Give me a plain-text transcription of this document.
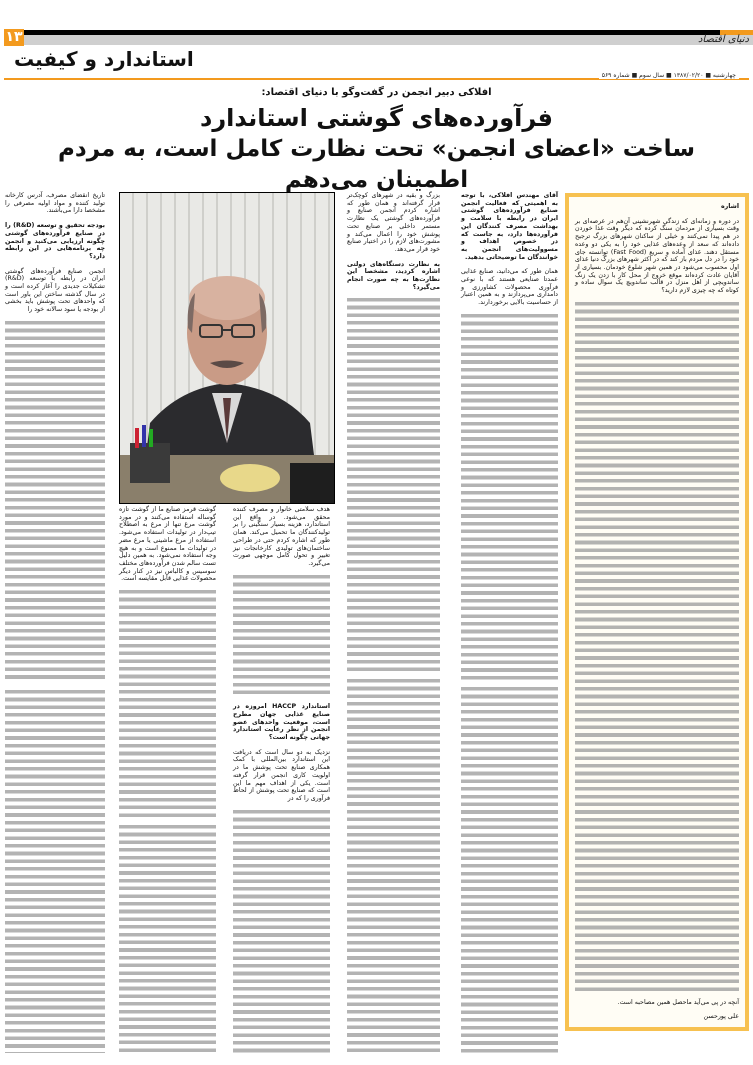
۱۳	دنیای اقتصاد
استاندارد و کیفیت
چهارشنبه ■ ۱۳۸۷/۰۲/۲۰ ■ سال سوم ■ شماره ۵۶۹
افلاکی دبیر انجمن در گفت‌وگو با دنیای اقتصاد:
فرآورده‌های گوشتی استاندارد
ساخت «اعضای انجمن» تحت نظارت کامل است، به مردم اطمینان می‌دهم

اشاره

در دوره و زمانه‌ای که زندگی شهرنشینی آن‌هم در عرصه‌ای بر وقت بسیاری از مردمان سنگ کرده که دیگر وقت غذا خوردن در هم پیدا نمی‌کنند و خیلی از ساکنان شهرهای بزرگ ترجیح داده‌اند که سعد از وعده‌های غذایی خود را به یکی دو وعده مستقل دهند. غذای آماده و سریع (Fast Food) توانسته جای خود را در دل مردم باز کند که در اکثر شهرهای بزرگ دنیا غذای اول محسوب می‌شود در همین شهر شلوغ خودمان. بسیاری از آقایان عادت کرده‌اند موقع خروج از محل کار با زدن یک زنگ ساندویچی از اهل منزل در قالب ساندویچ یک سوال ساده و کوتاه که چه چیزی لازم دارید؟

آنچه در پی می‌آید ماحصل همین مصاحبه است.

علی پورحسن

آقای مهندس افلاکی، با توجه به اهمیتی که فعالیت انجمن صنایع فرآورده‌های گوشتی ایران در رابطه با سلامت و بهداشت مصرف کنندگان این فرآورده‌ها دارد، به جاست که در خصوص اهداف و مسوولیت‌های انجمن به خوانندگان ما توضیحاتی بدهید.

همان طور که می‌دانید، صنایع غذایی عمدتا صنایعی هستند که با نوعی فرآوری محصولات کشاورزی و دامداری می‌پردازند و به همین اعتبار از حساسیت بالایی برخوردارند.

بزرگ و بقیه در شهرهای کوچک‌تر قرار گرفته‌اند و همان طور که اشاره کردم انجمن صنایع و فرآورده‌های گوشتی یک نظارت مستمر داخلی بر صنایع تحت پوشش خود را اعمال می‌کند و مشورت‌های لازم را در اختیار صنایع خود قرار می‌دهد.

به نظارت دستگاه‌های دولتی اشاره کردید، مشخصا این نظارت‌ها به چه صورت انجام می‌گیرد؟

هدف سلامتی خانوار و مصرف کننده محقق می‌شود. در واقع این استاندارد، هزینه بسیار سنگینی را بر تولیدکنندگان ما تحمیل می‌کند. همان طور که اشاره کردم حتی در طراحی ساختمان‌های تولیدی کارخانجات نیز تغییر و تحول کامل موجهی صورت می‌گیرد.

استاندارد HACCP امروزه در صنایع غذایی جهان مطرح است، موقعیت واحدهای عضو انجمن از نظر رعایت استاندارد جهانی چگونه است؟

نزدیک به دو سال است که دریافت این استاندارد بین‌المللی با کمک همکاری صنایع تحت پوشش ما در اولویت کاری انجمن قرار گرفته است. یکی از اهداف مهم ما این است که صنایع تحت پوشش از لحاظ فرآوری را که در

گوشت قرمز صنایع ما از گوشت تازه گوساله استفاده می‌کنند و در مورد گوشت مرغ تنها از مرغ به اصطلاح تیپ‌دار در تولیدات استفاده می‌شود. استفاده از مرغ ماشینی یا مرغ مضر در تولیدات ما ممنوع است و به هیچ وجه استفاده نمی‌شود. به همین دلیل تست سالم شدن فرآورده‌های مختلف سوسیس و کالباس نیز در کنار دیگر محصولات غذایی قابل مقایسه است.

تاریخ انقضای مصرف، آدرس کارخانه تولید کننده و مواد اولیه مصرفی را مشخصا دارا می‌باشند.

بودجه تحقیق و توسعه (R&D) را در صنایع فرآورده‌های گوشتی چگونه ارزیابی می‌کنید و انجمن چه برنامه‌هایی در این رابطه دارد؟

انجمن صنایع فرآورده‌های گوشتی ایران در رابطه با توسعه (R&D) تشکیلات جدیدی را آغاز کرده است و در سال گذشته ساختن این باور است که واحدهای تحت پوشش باید بخشی از بودجه یا سود سالانه خود را
